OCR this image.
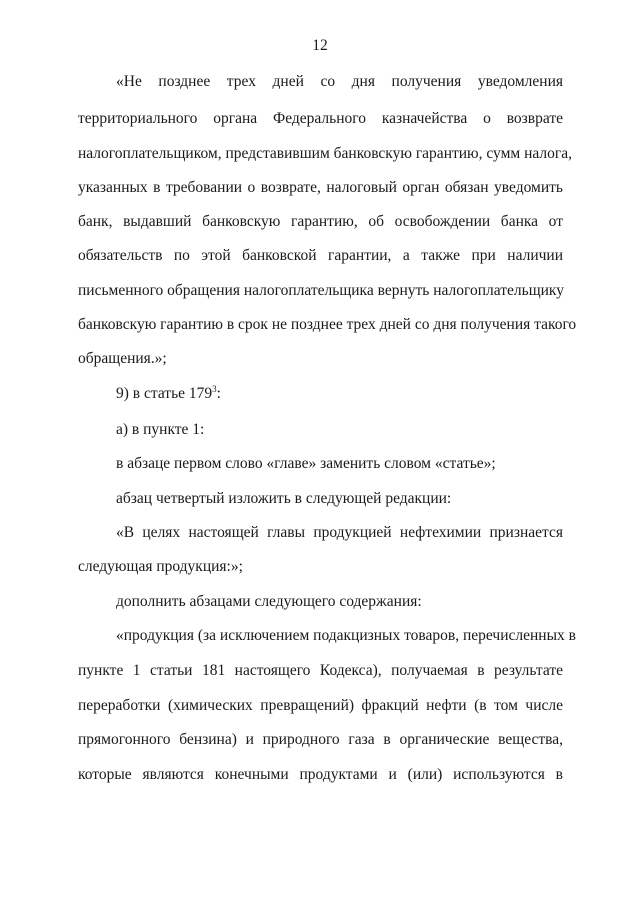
12
«Не позднее трех дней со дня получения уведомления
территориального органа Федерального казначейства о возврате
налогоплательщиком, представившим банковскую гарантию, сумм налога,
указанных в требовании о возврате, налоговый орган обязан уведомить
банк, выдавший банковскую гарантию, об освобождении банка от
обязательств по этой банковской гарантии, а также при наличии
письменного обращения налогоплательщика вернуть налогоплательщику
банковскую гарантию в срок не позднее трех дней со дня получения такого
обращения.»;
9) в статье $179^3$:
а) в пункте 1:
в абзаце первом слово «главе» заменить словом «статье»;
абзац четвертый изложить в следующей редакции:
«В целях настоящей главы продукцией нефтехимии признается
следующая продукция:»;
дополнить абзацами следующего содержания:
«продукция (за исключением подакцизных товаров, перечисленных в
пункте 1 статьи 181 настоящего Кодекса), получаемая в результате
переработки (химических превращений) фракций нефти (в том числе
прямогонного бензина) и природного газа в органические вещества,
которые являются конечными продуктами и (или) используются в
